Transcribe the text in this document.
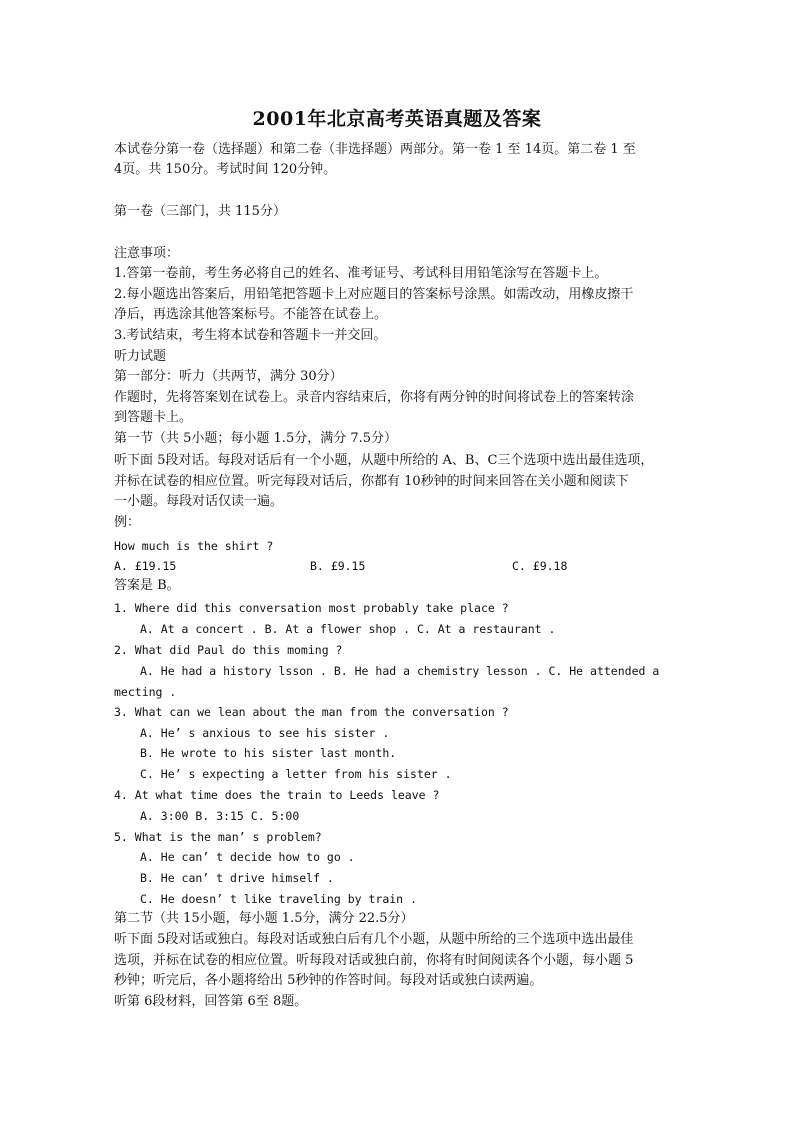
2001年北京高考英语真题及答案
本试卷分第一卷（选择题）和第二卷（非选择题）两部分。第一卷 1 至 14页。第二卷 1 至
4页。共 150分。考试时间 120分钟。
第一卷（三部门，共 115分）
注意事项：
1.答第一卷前，考生务必将自己的姓名、准考证号、考试科目用铅笔涂写在答题卡上。
2.每小题选出答案后，用铅笔把答题卡上对应题目的答案标号涂黑。如需改动，用橡皮擦干
净后，再选涂其他答案标号。不能答在试卷上。
3.考试结束，考生将本试卷和答题卡一并交回。
听力试题
第一部分：听力（共两节，满分 30分）
作题时，先将答案划在试卷上。录音内容结束后，你将有两分钟的时间将试卷上的答案转涂
到答题卡上。
第一节（共 5小题；每小题 1.5分，满分 7.5分）
听下面 5段对话。每段对话后有一个小题，从题中所给的 A、B、C三个选项中选出最佳选项，
并标在试卷的相应位置。听完每段对话后，你都有 10秒钟的时间来回答在关小题和阅读下
一小题。每段对话仅读一遍。
例：
How much is the shirt ?
A. £19.15	B. £9.15	C. £9.18
答案是 B。
1. Where did this conversation most probably take place ?
A. At a concert . B. At a flower shop . C. At a restaurant .
2. What did Paul do this moming ?
A. He had a history lsson . B. He had a chemistry lesson . C. He attended a
mecting .
3. What can we lean about the man from the conversation ?
A. He’ s anxious to see his sister .
B. He wrote to his sister last month.
C. He’ s expecting a letter from his sister .
4. At what time does the train to Leeds leave ?
A. 3:00 B. 3:15 C. 5:00
5. What is the man’ s problem?
A. He can’ t decide how to go .
B. He can’ t drive himself .
C. He doesn’ t like traveling by train .
第二节（共 15小题，每小题 1.5分，满分 22.5分）
听下面 5段对话或独白。每段对话或独白后有几个小题，从题中所给的三个选项中选出最佳
选项，并标在试卷的相应位置。听每段对话或独白前，你将有时间阅读各个小题，每小题 5
秒钟；听完后，各小题将给出 5秒钟的作答时间。每段对话或独白读两遍。
听第 6段材料，回答第 6至 8题。
